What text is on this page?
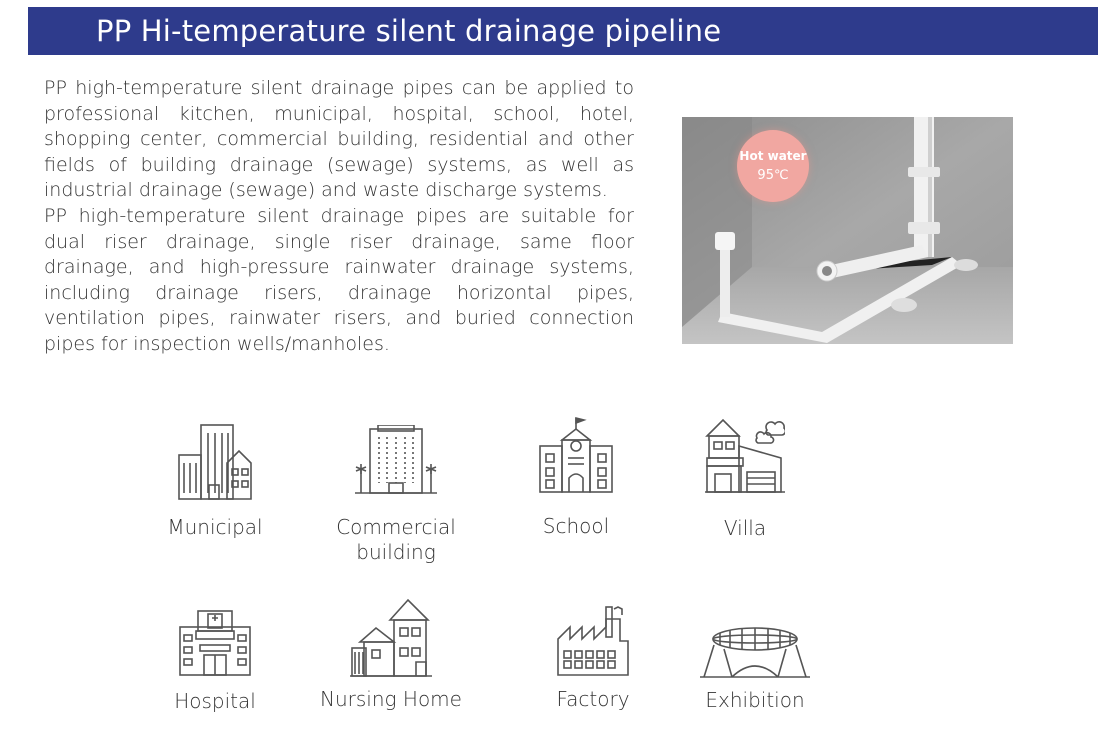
PP Hi-temperature silent drainage pipeline

PP high-temperature silent drainage pipes can be applied to professional kitchen, municipal, hospital, school, hotel, shopping center, commercial building, residential and other fields of building drainage (sewage) systems, as well as industrial drainage (sewage) and waste discharge systems.

PP high-temperature silent drainage pipes are suitable for dual riser drainage, single riser drainage, same floor drainage, and high-pressure rainwater drainage systems, including drainage risers, drainage horizontal pipes, ventilation pipes, rainwater risers, and buried connection pipes for inspection wells/manholes.

Hot water
95℃
Municipal	Commercial
building
School	Villa
Hospital	Nursing Home	Factory	Exhibition
